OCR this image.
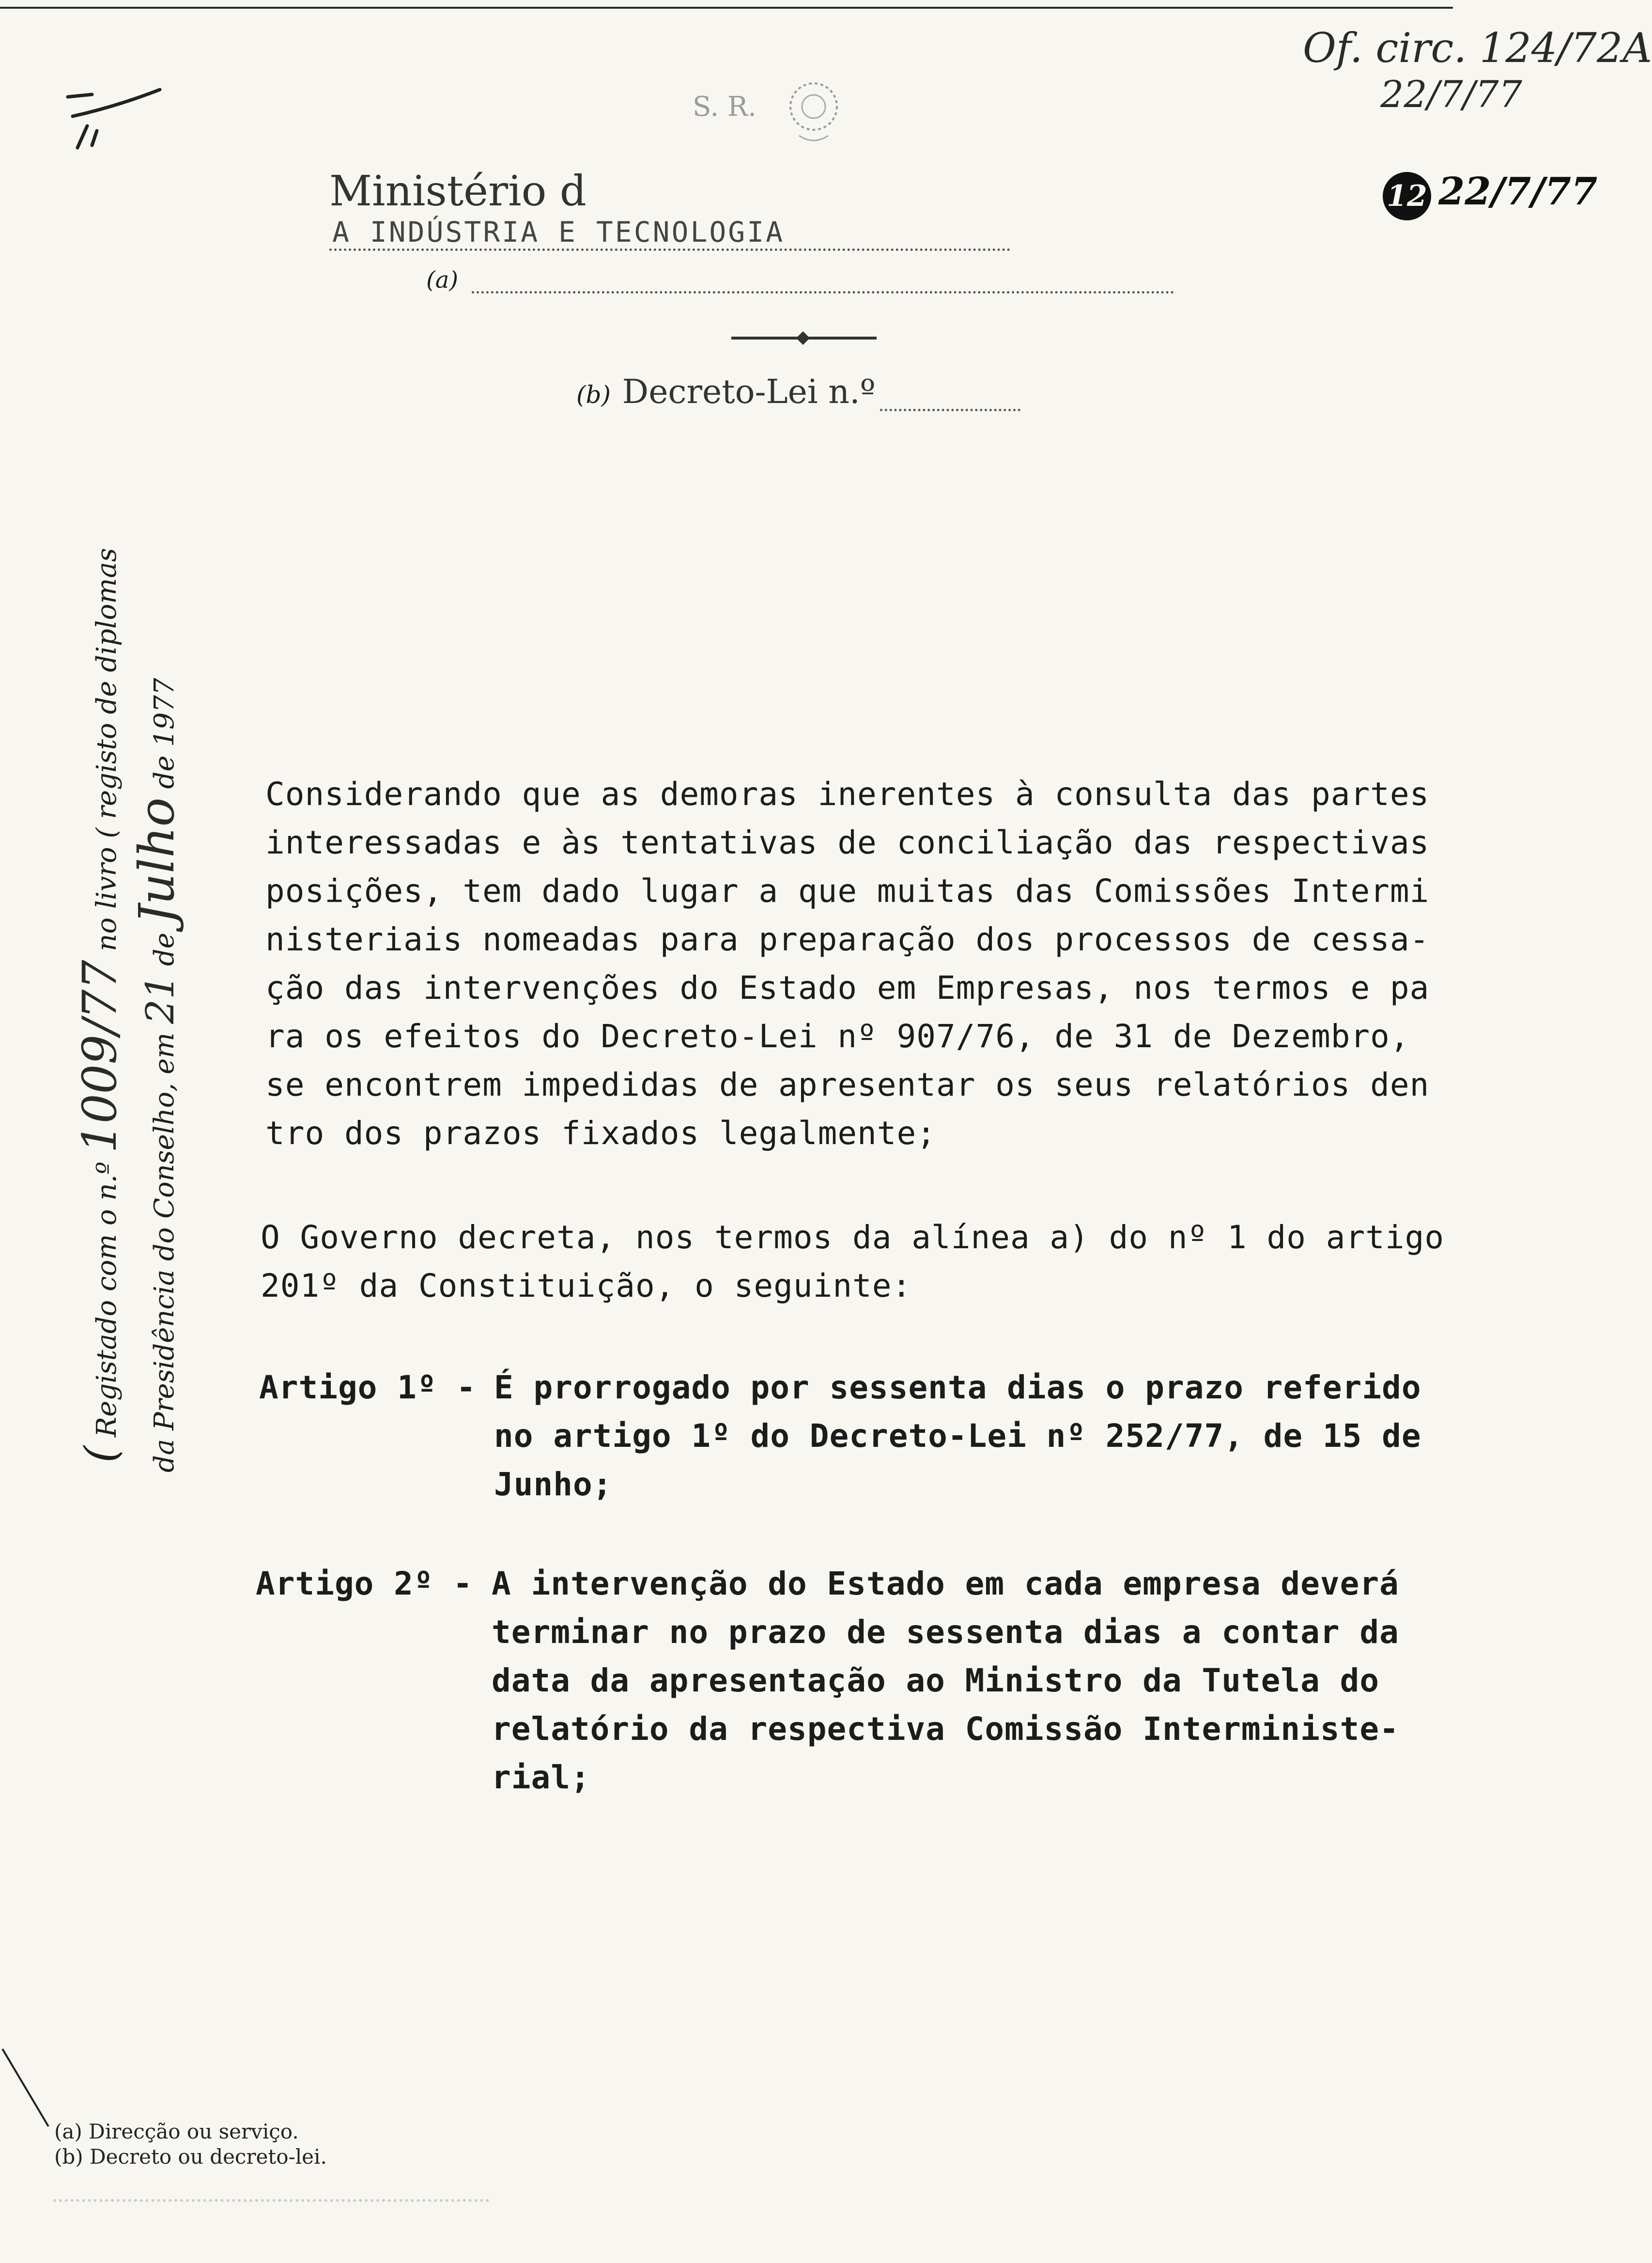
S. R.
Ministério dA INDÚSTRIA E TECNOLOGIA
(a)
(b) Decreto-Lei n.º
Of. circ. 124/72A
22/7/77
12 22/7/77
( Registado com o n.º 1009/77 no livro ( registo de diplomas
da Presidência do Conselho, em 21 de Julho de 1977
Considerando que as demoras inerentes à consulta das partes
interessadas e às tentativas de conciliação das respectivas
posições, tem dado lugar a que muitas das Comissões Intermi
nisteriais nomeadas para preparação dos processos de cessa-
ção das intervenções do Estado em Empresas, nos termos e pa
ra os efeitos do Decreto-Lei nº 907/76, de 31 de Dezembro,
se encontrem impedidas de apresentar os seus relatórios den
tro dos prazos fixados legalmente;
O Governo decreta, nos termos da alínea a) do nº 1 do artigo
201º da Constituição, o seguinte:
Artigo 1º - É prorrogado por sessenta dias o prazo referido
no artigo 1º do Decreto-Lei nº 252/77, de 15 de
Junho;
Artigo 2º - A intervenção do Estado em cada empresa deverá
terminar no prazo de sessenta dias a contar da
data da apresentação ao Ministro da Tutela do
relatório da respectiva Comissão Interministe-
rial;
(a) Direcção ou serviço.
(b) Decreto ou decreto-lei.
